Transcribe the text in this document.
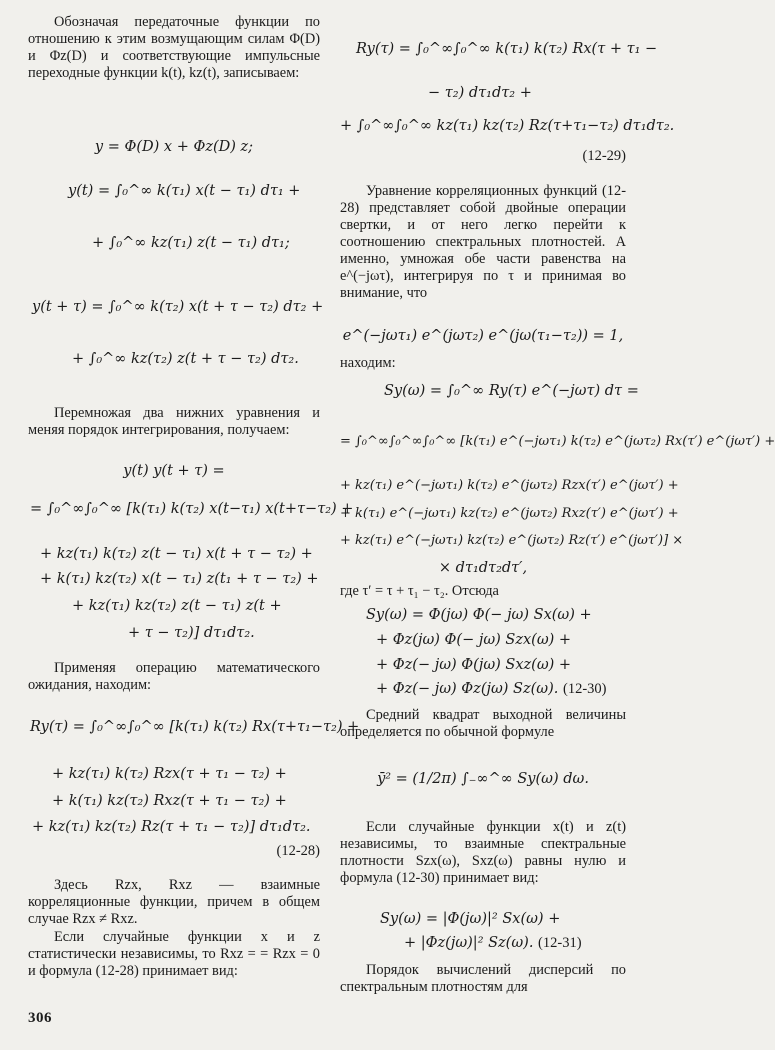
Обозначая передаточные функции по отношению к этим возмущающим силам Φ(D) и Φz(D) и соответствующие импульсные переходные функции k(t), kz(t), записываем:

y = Φ(D) x + Φz(D) z;
y(t) = ∫₀^∞ k(τ₁) x(t − τ₁) dτ₁ +
+ ∫₀^∞ kz(τ₁) z(t − τ₁) dτ₁;
y(t + τ) = ∫₀^∞ k(τ₂) x(t + τ − τ₂) dτ₂ +
+ ∫₀^∞ kz(τ₂) z(t + τ − τ₂) dτ₂.

Перемножая два нижних уравнения и меняя порядок интегрирования, получаем:

y(t) y(t + τ) =
= ∫₀^∞∫₀^∞ [k(τ₁) k(τ₂) x(t−τ₁) x(t+τ−τ₂) +
+ kz(τ₁) k(τ₂) z(t − τ₁) x(t + τ − τ₂) +
+ k(τ₁) kz(τ₂) x(t − τ₁) z(t₁ + τ − τ₂) +
+ kz(τ₁) kz(τ₂) z(t − τ₁) z(t +
+ τ − τ₂)] dτ₁dτ₂.

Применяя операцию математического ожидания, находим:

Ry(τ) = ∫₀^∞∫₀^∞ [k(τ₁) k(τ₂) Rx(τ+τ₁−τ₂) +
+ kz(τ₁) k(τ₂) Rzx(τ + τ₁ − τ₂) +
+ k(τ₁) kz(τ₂) Rxz(τ + τ₁ − τ₂) +
+ kz(τ₁) kz(τ₂) Rz(τ + τ₁ − τ₂)] dτ₁dτ₂.
(12-28)

Здесь Rzx, Rxz — взаимные корреляционные функции, причем в общем случае Rzx ≠ Rxz.

Если случайные функции x и z статистически независимы, то Rxz = = Rzx = 0 и формула (12-28) принимает вид:

Ry(τ) = ∫₀^∞∫₀^∞ k(τ₁) k(τ₂) Rx(τ + τ₁ −
− τ₂) dτ₁dτ₂ +
+ ∫₀^∞∫₀^∞ kz(τ₁) kz(τ₂) Rz(τ+τ₁−τ₂) dτ₁dτ₂.
(12-29)

Уравнение корреляционных функций (12-28) представляет собой двойные операции свертки, и от него легко перейти к соотношению спектральных плотностей. А именно, умножая обе части равенства на e^(−jωτ), интегрируя по τ и принимая во внимание, что

e^(−jωτ₁) e^(jωτ₂) e^(jω(τ₁−τ₂)) = 1,

находим:

Sy(ω) = ∫₀^∞ Ry(τ) e^(−jωτ) dτ =
= ∫₀^∞∫₀^∞∫₀^∞ [k(τ₁) e^(−jωτ₁) k(τ₂) e^(jωτ₂) Rx(τ′) e^(jωτ′) +
+ kz(τ₁) e^(−jωτ₁) k(τ₂) e^(jωτ₂) Rzx(τ′) e^(jωτ′) +
+ k(τ₁) e^(−jωτ₁) kz(τ₂) e^(jωτ₂) Rxz(τ′) e^(jωτ′) +
+ kz(τ₁) e^(−jωτ₁) kz(τ₂) e^(jωτ₂) Rz(τ′) e^(jωτ′)] ×
× dτ₁dτ₂dτ′,

где τ′ = τ + τ₁ − τ₂. Отсюда

Sy(ω) = Φ(jω) Φ(− jω) Sx(ω) +
+ Φz(jω) Φ(− jω) Szx(ω) +
+ Φz(− jω) Φ(jω) Sxz(ω) +
+ Φz(− jω) Φz(jω) Sz(ω). (12-30)

Средний квадрат выходной величины определяется по обычной формуле

ȳ² = (1/2π) ∫₋∞^∞ Sy(ω) dω.

Если случайные функции x(t) и z(t) независимы, то взаимные спектральные плотности Szx(ω), Sxz(ω) равны нулю и формула (12-30) принимает вид:

Sy(ω) = |Φ(jω)|² Sx(ω) +
+ |Φz(jω)|² Sz(ω). (12-31)

Порядок вычислений дисперсий по спектральным плотностям для

306
